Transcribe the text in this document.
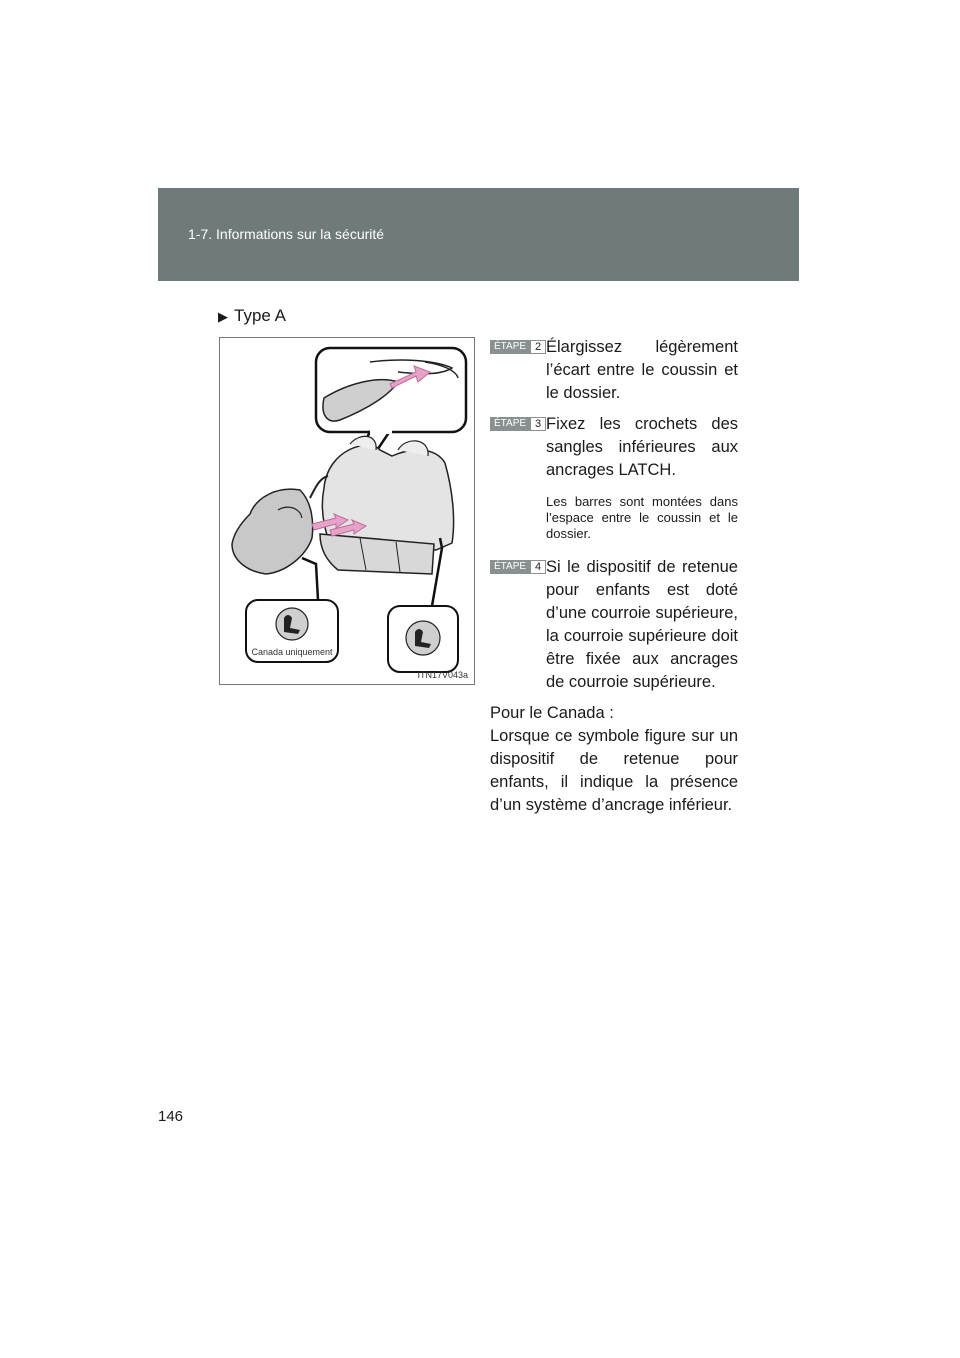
1-7. Informations sur la sécurité
▶ Type A
Canada uniquement
ITN17V043a
ÉTAPE 2 Élargissez légèrement l’écart entre le coussin et le dossier.
ÉTAPE 3 Fixez les crochets des sangles inférieures aux ancrages LATCH.
Les barres sont montées dans l’espace entre le coussin et le dossier.
ÉTAPE 4 Si le dispositif de retenue pour enfants est doté d’une courroie supérieure, la courroie supérieure doit être fixée aux ancrages de courroie supérieure.
Pour le Canada :
Lorsque ce symbole figure sur un dispositif de retenue pour enfants, il indique la présence d’un système d’ancrage inférieur.
146
